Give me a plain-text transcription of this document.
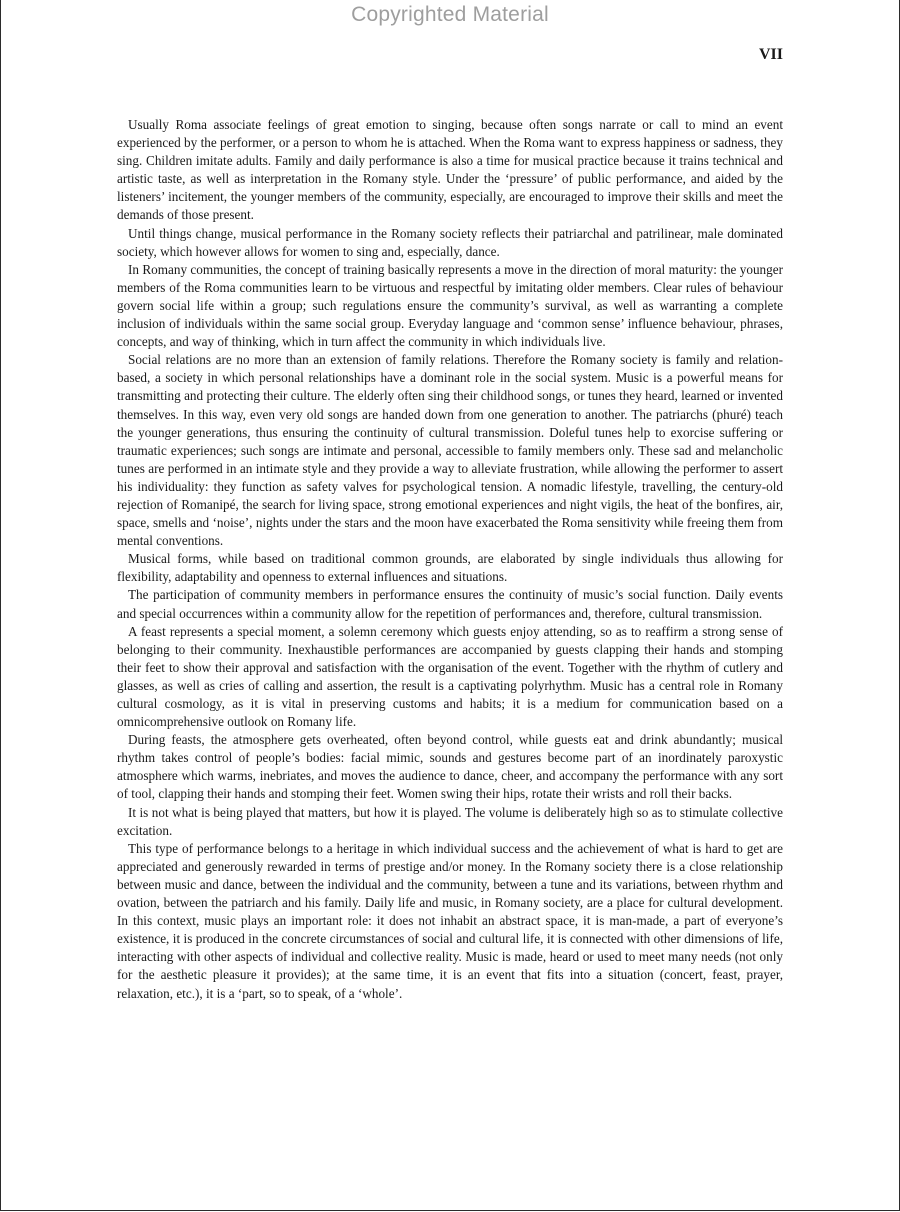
Copyrighted Material
VII

Usually Roma associate feelings of great emotion to singing, because often songs narrate or call to mind an event experienced by the performer, or a person to whom he is attached. When the Roma want to express happiness or sadness, they sing. Children imitate adults. Family and daily performance is also a time for musical practice because it trains technical and artistic taste, as well as interpretation in the Romany style. Under the ‘pressure’ of public performance, and aided by the listeners’ incitement, the younger members of the community, especially, are encouraged to improve their skills and meet the demands of those present.

Until things change, musical performance in the Romany society reflects their patriarchal and patrilinear, male dominated society, which however allows for women to sing and, especially, dance.

In Romany communities, the concept of training basically represents a move in the direction of moral maturity: the younger members of the Roma communities learn to be virtuous and respectful by imitating older members. Clear rules of behaviour govern social life within a group; such regulations ensure the community’s survival, as well as warranting a complete inclusion of individuals within the same social group. Everyday language and ‘common sense’ influence behaviour, phrases, concepts, and way of thinking, which in turn affect the community in which individuals live.

Social relations are no more than an extension of family relations. Therefore the Romany society is family and relation-based, a society in which personal relationships have a dominant role in the social system. Music is a powerful means for transmitting and protecting their culture. The elderly often sing their childhood songs, or tunes they heard, learned or invented themselves. In this way, even very old songs are handed down from one generation to another. The patriarchs (phuré) teach the younger generations, thus ensuring the continuity of cultural transmission. Doleful tunes help to exorcise suffering or traumatic experiences; such songs are intimate and personal, accessible to family members only. These sad and melancholic tunes are performed in an intimate style and they provide a way to alleviate frustration, while allowing the performer to assert his individuality: they function as safety valves for psychological tension. A nomadic lifestyle, travelling, the century-old rejection of Romanipé, the search for living space, strong emotional experiences and night vigils, the heat of the bonfires, air, space, smells and ‘noise’, nights under the stars and the moon have exacerbated the Roma sensitivity while freeing them from mental conventions.

Musical forms, while based on traditional common grounds, are elaborated by single individuals thus allowing for flexibility, adaptability and openness to external influences and situations.

The participation of community members in performance ensures the continuity of music’s social function. Daily events and special occurrences within a community allow for the repetition of performances and, therefore, cultural transmission.

A feast represents a special moment, a solemn ceremony which guests enjoy attending, so as to reaffirm a strong sense of belonging to their community. Inexhaustible performances are accompanied by guests clapping their hands and stomping their feet to show their approval and satisfaction with the organisation of the event. Together with the rhythm of cutlery and glasses, as well as cries of calling and assertion, the result is a captivating polyrhythm. Music has a central role in Romany cultural cosmology, as it is vital in preserving customs and habits; it is a medium for communication based on a omnicomprehensive outlook on Romany life.

During feasts, the atmosphere gets overheated, often beyond control, while guests eat and drink abundantly; musical rhythm takes control of people’s bodies: facial mimic, sounds and gestures become part of an inordinately paroxystic atmosphere which warms, inebriates, and moves the audience to dance, cheer, and accompany the performance with any sort of tool, clapping their hands and stomping their feet. Women swing their hips, rotate their wrists and roll their backs.

It is not what is being played that matters, but how it is played. The volume is deliberately high so as to stimulate collective excitation.

This type of performance belongs to a heritage in which individual success and the achievement of what is hard to get are appreciated and generously rewarded in terms of prestige and/or money. In the Romany society there is a close relationship between music and dance, between the individual and the community, between a tune and its variations, between rhythm and ovation, between the patriarch and his family. Daily life and music, in Romany society, are a place for cultural development. In this context, music plays an important role: it does not inhabit an abstract space, it is man-made, a part of everyone’s existence, it is produced in the concrete circumstances of social and cultural life, it is connected with other dimensions of life, interacting with other aspects of individual and collective reality. Music is made, heard or used to meet many needs (not only for the aesthetic pleasure it provides); at the same time, it is an event that fits into a situation (concert, feast, prayer, relaxation, etc.), it is a ‘part, so to speak, of a ‘whole’.
